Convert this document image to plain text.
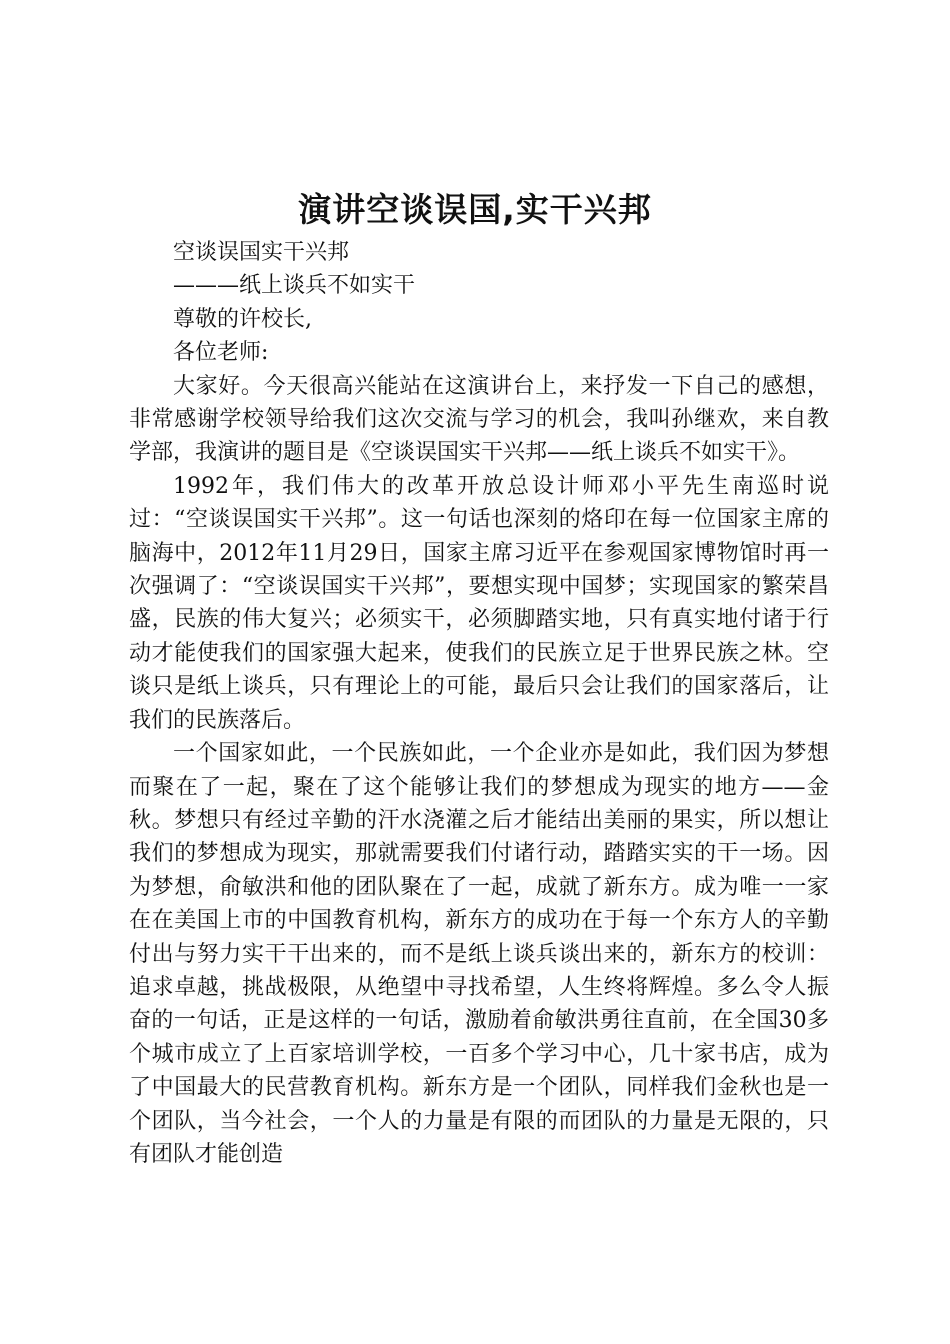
演讲空谈误国,实干兴邦

空谈误国实干兴邦

———纸上谈兵不如实干

尊敬的许校长,

各位老师:

大家好。今天很高兴能站在这演讲台上，来抒发一下自己的感想，非常感谢学校领导给我们这次交流与学习的机会，我叫孙继欢，来自教学部，我演讲的题目是《空谈误国实干兴邦——纸上谈兵不如实干》。

1992年，我们伟大的改革开放总设计师邓小平先生南巡时说过：“空谈误国实干兴邦”。这一句话也深刻的烙印在每一位国家主席的脑海中，2012年11月29日，国家主席习近平在参观国家博物馆时再一次强调了：“空谈误国实干兴邦”，要想实现中国梦；实现国家的繁荣昌盛，民族的伟大复兴；必须实干，必须脚踏实地，只有真实地付诸于行动才能使我们的国家强大起来，使我们的民族立足于世界民族之林。空谈只是纸上谈兵，只有理论上的可能，最后只会让我们的国家落后，让我们的民族落后。

一个国家如此，一个民族如此，一个企业亦是如此，我们因为梦想而聚在了一起，聚在了这个能够让我们的梦想成为现实的地方——金秋。梦想只有经过辛勤的汗水浇灌之后才能结出美丽的果实，所以想让我们的梦想成为现实，那就需要我们付诸行动，踏踏实实的干一场。因为梦想，俞敏洪和他的团队聚在了一起，成就了新东方。成为唯一一家在在美国上市的中国教育机构，新东方的成功在于每一个东方人的辛勤付出与努力实干干出来的，而不是纸上谈兵谈出来的，新东方的校训：追求卓越，挑战极限，从绝望中寻找希望，人生终将辉煌。多么令人振奋的一句话，正是这样的一句话，激励着俞敏洪勇往直前，在全国30多个城市成立了上百家培训学校，一百多个学习中心，几十家书店，成为了中国最大的民营教育机构。新东方是一个团队，同样我们金秋也是一个团队，当今社会，一个人的力量是有限的而团队的力量是无限的，只有团队才能创造
